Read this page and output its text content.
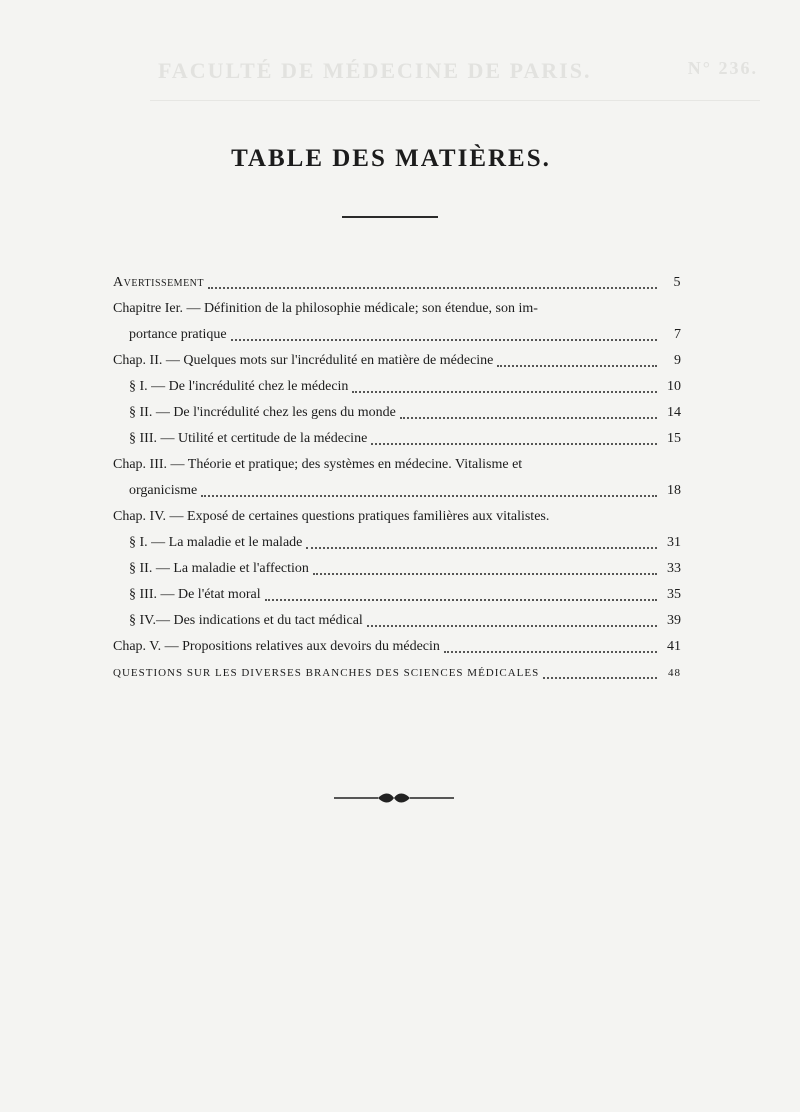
FACULTÉ DE MÉDECINE DE PARIS.	N° 236.
TABLE DES MATIÈRES.
Avertissement	5
Chapitre Ier. — Définition de la philosophie médicale; son étendue, son im-
portance pratique	7
Chap. II. — Quelques mots sur l'incrédulité en matière de médecine	9
§ I. — De l'incrédulité chez le médecin	10
§ II. — De l'incrédulité chez les gens du monde	14
§ III. — Utilité et certitude de la médecine	15
Chap. III. — Théorie et pratique; des systèmes en médecine. Vitalisme et
organicisme	18
Chap. IV. — Exposé de certaines questions pratiques familières aux vitalistes.
§ I. — La maladie et le malade	31
§ II. — La maladie et l'affection	33
§ III. — De l'état moral	35
§ IV.— Des indications et du tact médical	39
Chap. V. — Propositions relatives aux devoirs du médecin	41
QUESTIONS SUR LES DIVERSES BRANCHES DES SCIENCES MÉDICALES	48
